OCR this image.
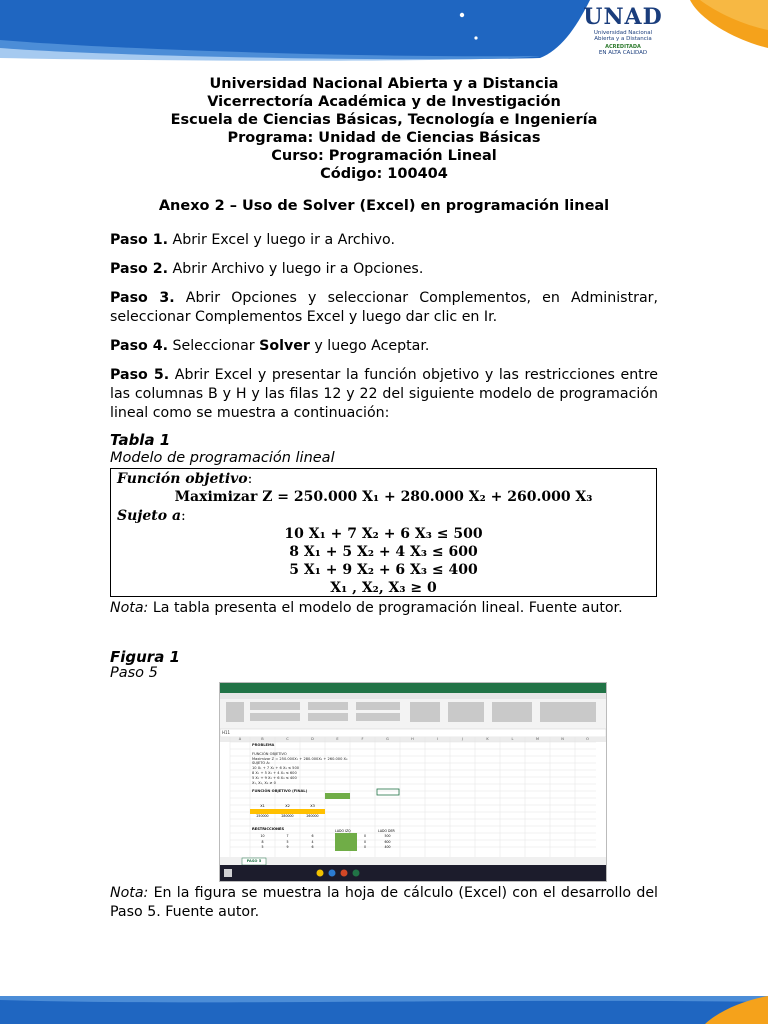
UNAD
Universidad Nacional
Abierta y a Distancia
ACREDITADA
EN ALTA CALIDAD
Universidad Nacional Abierta y a Distancia
Vicerrectoría Académica y de Investigación
Escuela de Ciencias Básicas, Tecnología e Ingeniería
Programa: Unidad de Ciencias Básicas
Curso: Programación Lineal
Código: 100404
Anexo 2 – Uso de Solver (Excel) en programación lineal
Paso 1. Abrir Excel y luego ir a Archivo.
Paso 2. Abrir Archivo y luego ir a Opciones.
Paso 3. Abrir Opciones y seleccionar Complementos, en Administrar, seleccionar Complementos Excel y luego dar clic en Ir.
Paso 4. Seleccionar Solver y luego Aceptar.
Paso 5. Abrir Excel y presentar la función objetivo y las restricciones entre las columnas B y H y las filas 12 y 22 del siguiente modelo de programación lineal como se muestra a continuación:
Tabla 1
Modelo de programación lineal
Función objetivo:
Maximizar Z = 250.000 X₁ + 280.000 X₂ + 260.000 X₃
Sujeto a:
10 X₁ + 7 X₂ + 6 X₃ ≤ 500
8 X₁ + 5 X₂ + 4 X₃ ≤ 600
5 X₁ + 9 X₂ + 6 X₃ ≤ 400
X₁ , X₂, X₃ ≥ 0
Nota: La tabla presenta el modelo de programación lineal. Fuente autor.
Figura 1
Paso 5
H11
A	B	C	D	E	F	G	H	I	J	K	L	M	N	O
PROBLEMA
FUNCIÓN OBJETIVO
Maximizar Z = 250.000X₁ + 280.000X₂ + 260.000 X₃
SUJETO A:
10 X₁ + 7 X₂ + 6 X₃ ≤ 500
8 X₁ + 5 X₂ + 4 X₃ ≤ 600
5 X₁ + 9 X₂ + 6 X₃ ≤ 400
X₁, X₂, X₃ ≥ 0
FUNCIÓN OBJETIVO (FINAL)
X1	X2	X3
250000	280000	260000
RESTRICCIONES	LADO IZQ	LADO DER
10	7	6	0	500
8	5	4	0	600
5	9	6	0	400
PASO 5
Nota: En la figura se muestra la hoja de cálculo (Excel) con el desarrollo del Paso 5. Fuente autor.
